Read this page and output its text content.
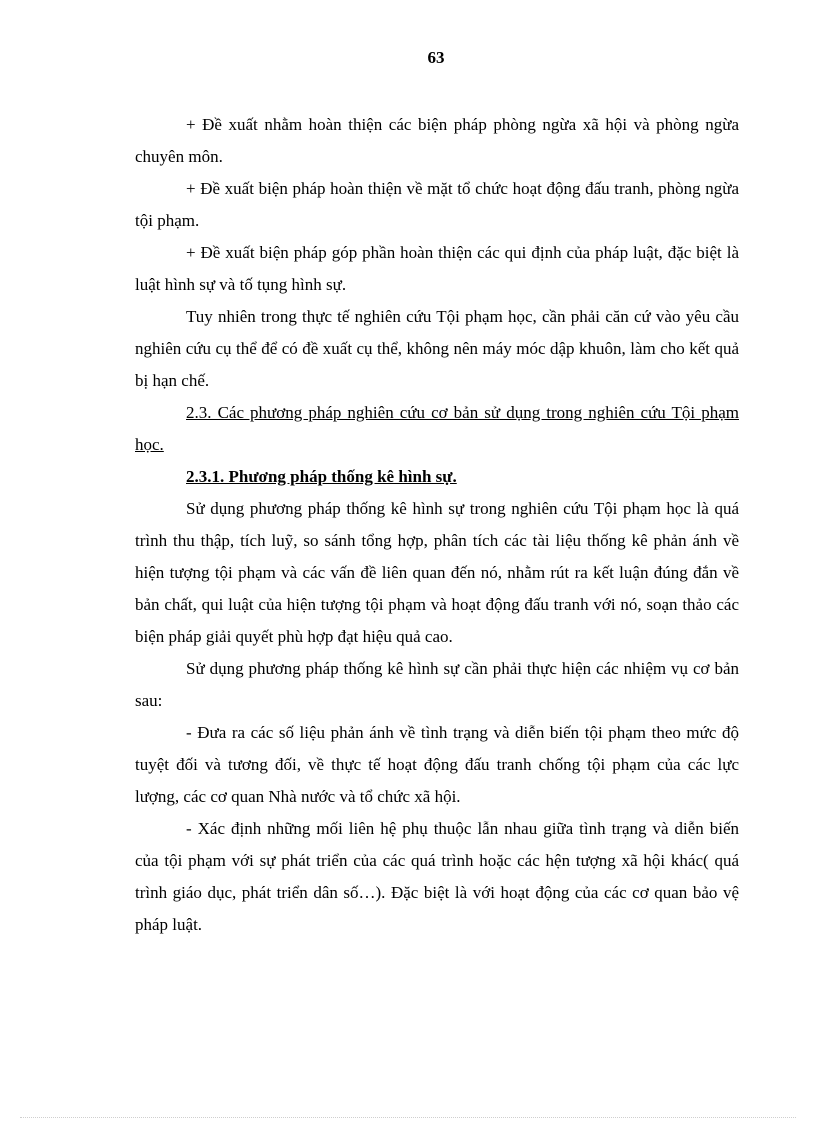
63

+ Đề xuất nhằm hoàn thiện các biện pháp phòng ngừa xã hội và phòng ngừa chuyên môn.

+ Đề xuất biện pháp hoàn thiện về mặt tổ chức hoạt động đấu tranh, phòng ngừa tội phạm.

+ Đề xuất biện pháp góp phần hoàn thiện các qui định của pháp luật, đặc biệt là luật hình sự và tố tụng hình sự.

Tuy nhiên trong thực tế nghiên cứu Tội phạm học, cần phải căn cứ vào yêu cầu nghiên cứu cụ thể để có đề xuất cụ thể, không nên máy móc dập khuôn, làm cho kết quả bị hạn chế.

2.3. Các phương pháp nghiên cứu cơ bản sử dụng trong nghiên cứu Tội phạm học.

2.3.1. Phương pháp thống kê hình sự.

Sử dụng phương pháp thống kê hình sự trong nghiên cứu Tội phạm học là quá trình thu thập, tích luỹ, so sánh tổng hợp, phân tích các tài liệu thống kê phản ánh về hiện tượng tội phạm và các vấn đề liên quan đến nó, nhằm rút ra kết luận đúng đắn về bản chất, qui luật của hiện tượng tội phạm và hoạt động đấu tranh với nó, soạn thảo các biện pháp giải quyết phù hợp đạt hiệu quả cao.

Sử dụng phương pháp thống kê hình sự cần phải thực hiện các nhiệm vụ cơ bản sau:

- Đưa ra các số liệu phản ánh về tình trạng và diễn biến tội phạm theo mức độ tuyệt đối và tương đối, về thực tế hoạt động đấu tranh chống tội phạm của các lực lượng, các cơ quan Nhà nước và tổ chức xã hội.

- Xác định những mối liên hệ phụ thuộc lẫn nhau giữa tình trạng và diễn biến của tội phạm với sự phát triển của các quá trình hoặc các hện tượng xã hội khác( quá trình giáo dục, phát triển dân số…). Đặc biệt là với hoạt động của các cơ quan bảo vệ pháp luật.
